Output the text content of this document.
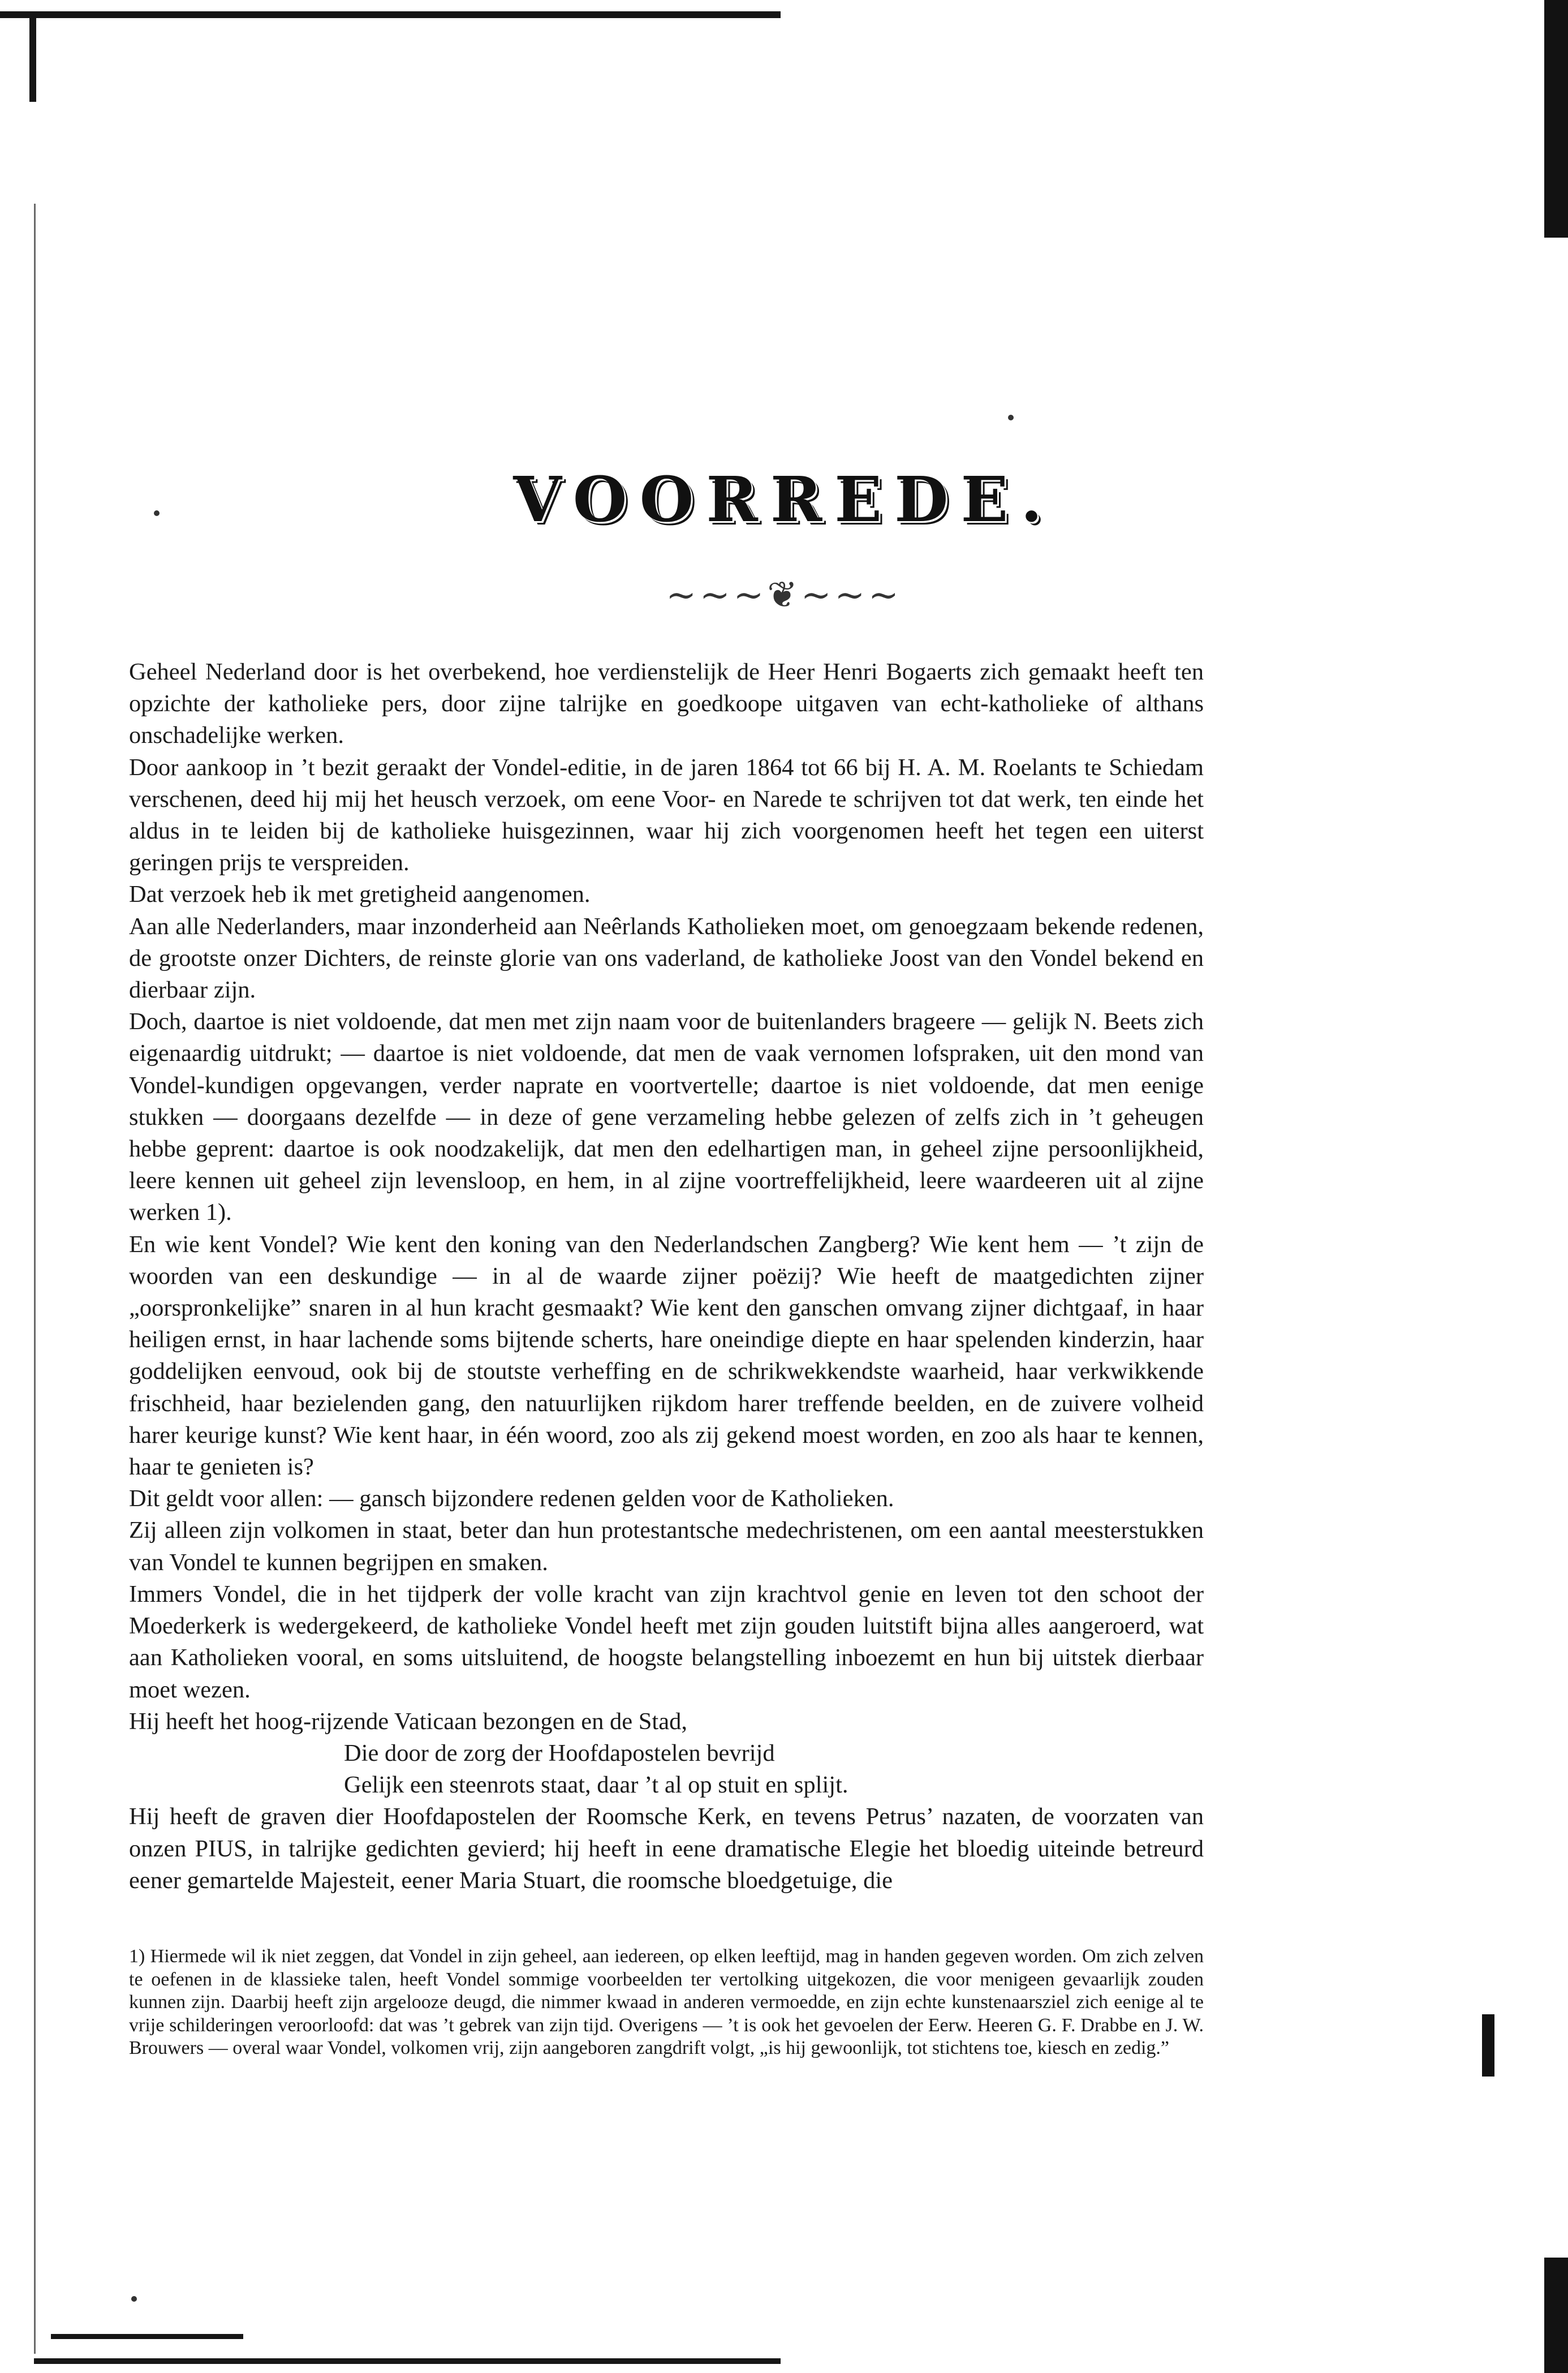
VOORREDE.
~~~❦~~~

Geheel Nederland door is het overbekend, hoe verdienstelijk de Heer Henri Bogaerts zich gemaakt heeft ten opzichte der katholieke pers, door zijne talrijke en goedkoope uitgaven van echt-katholieke of althans onschadelijke werken.

Door aankoop in ’t bezit geraakt der Vondel-editie, in de jaren 1864 tot 66 bij H. A. M. Roelants te Schiedam verschenen, deed hij mij het heusch verzoek, om eene Voor- en Narede te schrijven tot dat werk, ten einde het aldus in te leiden bij de katholieke huisgezinnen, waar hij zich voorgenomen heeft het tegen een uiterst geringen prijs te verspreiden.

Dat verzoek heb ik met gretigheid aangenomen.

Aan alle Nederlanders, maar inzonderheid aan Neêrlands Katholieken moet, om genoegzaam bekende redenen, de grootste onzer Dichters, de reinste glorie van ons vaderland, de katholieke Joost van den Vondel bekend en dierbaar zijn.

Doch, daartoe is niet voldoende, dat men met zijn naam voor de buitenlanders brageere — gelijk N. Beets zich eigenaardig uitdrukt; — daartoe is niet voldoende, dat men de vaak vernomen lofspraken, uit den mond van Vondel-kundigen opgevangen, verder naprate en voortvertelle; daartoe is niet voldoende, dat men eenige stukken — doorgaans dezelfde — in deze of gene verzameling hebbe gelezen of zelfs zich in ’t geheugen hebbe geprent: daartoe is ook noodzakelijk, dat men den edelhartigen man, in geheel zijne persoonlijkheid, leere kennen uit geheel zijn levensloop, en hem, in al zijne voortreffelijkheid, leere waardeeren uit al zijne werken 1).

En wie kent Vondel? Wie kent den koning van den Nederlandschen Zangberg? Wie kent hem — ’t zijn de woorden van een deskundige — in al de waarde zijner poëzij? Wie heeft de maatgedichten zijner „oorspronkelijke” snaren in al hun kracht gesmaakt? Wie kent den ganschen omvang zijner dichtgaaf, in haar heiligen ernst, in haar lachende soms bijtende scherts, hare oneindige diepte en haar spelenden kinderzin, haar goddelijken eenvoud, ook bij de stoutste verheffing en de schrikwekkendste waarheid, haar verkwikkende frischheid, haar bezielenden gang, den natuurlijken rijkdom harer treffende beelden, en de zuivere volheid harer keurige kunst? Wie kent haar, in één woord, zoo als zij gekend moest worden, en zoo als haar te kennen, haar te genieten is?

Dit geldt voor allen: — gansch bijzondere redenen gelden voor de Katholieken.

Zij alleen zijn volkomen in staat, beter dan hun protestantsche medechristenen, om een aantal meesterstukken van Vondel te kunnen begrijpen en smaken.

Immers Vondel, die in het tijdperk der volle kracht van zijn krachtvol genie en leven tot den schoot der Moederkerk is wedergekeerd, de katholieke Vondel heeft met zijn gouden luitstift bijna alles aangeroerd, wat aan Katholieken vooral, en soms uitsluitend, de hoogste belangstelling inboezemt en hun bij uitstek dierbaar moet wezen.

Hij heeft het hoog-rijzende Vaticaan bezongen en de Stad,

Die door de zorg der Hoofdapostelen bevrijd

Gelijk een steenrots staat, daar ’t al op stuit en splijt.

Hij heeft de graven dier Hoofdapostelen der Roomsche Kerk, en tevens Petrus’ nazaten, de voorzaten van onzen PIUS, in talrijke gedichten gevierd; hij heeft in eene dramatische Elegie het bloedig uiteinde betreurd eener gemartelde Majesteit, eener Maria Stuart, die roomsche bloedgetuige, die

1) Hiermede wil ik niet zeggen, dat Vondel in zijn geheel, aan iedereen, op elken leeftijd, mag in handen gegeven worden. Om zich zelven te oefenen in de klassieke talen, heeft Vondel sommige voorbeelden ter vertolking uitgekozen, die voor menigeen gevaarlijk zouden kunnen zijn. Daarbij heeft zijn argelooze deugd, die nimmer kwaad in anderen vermoedde, en zijn echte kunstenaarsziel zich eenige al te vrije schilderingen veroorloofd: dat was ’t gebrek van zijn tijd. Overigens — ’t is ook het gevoelen der Eerw. Heeren G. F. Drabbe en J. W. Brouwers — overal waar Vondel, volkomen vrij, zijn aangeboren zangdrift volgt, „is hij gewoonlijk, tot stichtens toe, kiesch en zedig.”
